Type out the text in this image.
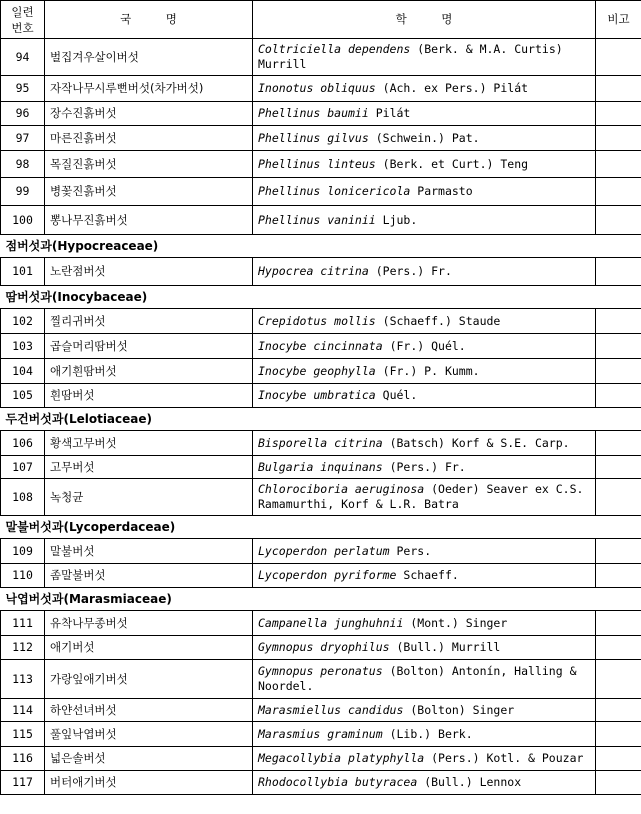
일련
번호	국     명	학     명	비고
94	벌집겨우살이버섯	Coltriciella dependens (Berk. & M.A. Curtis) Murrill	
95	자작나무시루뻔버섯(차가버섯)	Inonotus obliquus (Ach. ex Pers.) Pilát	
96	장수진흙버섯	Phellinus baumii Pilát	
97	마른진흙버섯	Phellinus gilvus (Schwein.) Pat.	
98	목질진흙버섯	Phellinus linteus (Berk. et Curt.) Teng	
99	병꽃진흙버섯	Phellinus lonicericola Parmasto	
100	뽕나무진흙버섯	Phellinus vaninii Ljub.	
점버섯과(Hypocreaceae)			
101	노란점버섯	Hypocrea citrina (Pers.) Fr.	
땀버섯과(Inocybaceae)			
102	찔리귀버섯	Crepidotus mollis (Schaeff.) Staude	
103	곱슬머리땀버섯	Inocybe cincinnata (Fr.) Quél.	
104	애기흰땀버섯	Inocybe geophylla (Fr.) P. Kumm.	
105	흰땀버섯	Inocybe umbratica Quél.	
두건버섯과(Lelotiaceae)			
106	황색고무버섯	Bisporella citrina (Batsch) Korf & S.E. Carp.	
107	고무버섯	Bulgaria inquinans (Pers.) Fr.	
108	녹청균	Chlorociboria aeruginosa (Oeder) Seaver ex C.S. Ramamurthi, Korf & L.R. Batra	
말불버섯과(Lycoperdaceae)			
109	말불버섯	Lycoperdon perlatum Pers.	
110	좀말불버섯	Lycoperdon pyriforme Schaeff.	
낙엽버섯과(Marasmiaceae)			
111	유착나무종버섯	Campanella junghuhnii (Mont.) Singer	
112	애기버섯	Gymnopus dryophilus (Bull.) Murrill	
113	가랑잎애기버섯	Gymnopus peronatus (Bolton) Antonín, Halling & Noordel.	
114	하얀선녀버섯	Marasmiellus candidus (Bolton) Singer	
115	풀잎낙엽버섯	Marasmius graminum (Lib.) Berk.	
116	넓은솔버섯	Megacollybia platyphylla (Pers.) Kotl. & Pouzar	
117	버터애기버섯	Rhodocollybia butyracea (Bull.) Lennox	
